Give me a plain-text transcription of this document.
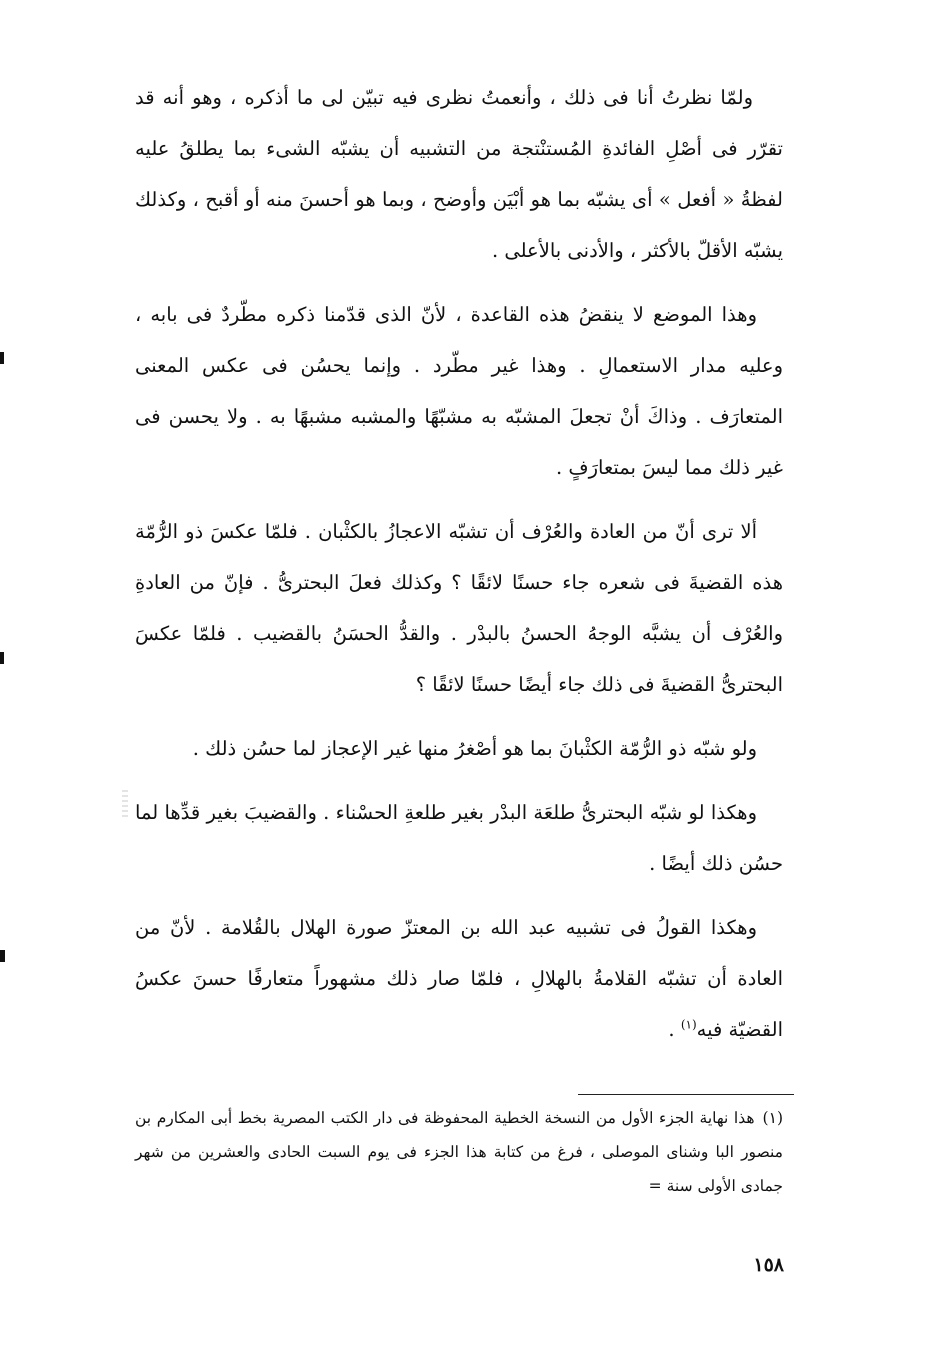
ولمّا نظرتُ أنا فى ذلك ، وأنعمتُ نظرى فيه تبيّن لى ما أذكره ، وهو أنه قد تقرّر فى أصْلِ الفائدةِ المُستنْتجة من التشبيه أن يشبّه الشىء بما يطلقُ عليه لفظةُ « أفعل » أى يشبّه بما هو أبْيَن وأوضح ، وبما هو أحسنَ منه أو أقبح ، وكذلك يشبّه الأقلّ بالأكثر ، والأدنى بالأعلى .

وهذا الموضع لا ينقضُ هذه القاعدة ، لأنّ الذى قدّمنا ذكره مطّردٌ فى بابه ، وعليه مدار الاستعمالِ . وهذا غير مطّرد . وإنما يحسُن فى عكس المعنى المتعارَف . وذاكَ أنْ تجعلَ المشبّه به مشبّهًا والمشبه مشبهًا به . ولا يحسن فى غير ذلك مما ليسَ بمتعارَفٍ .

ألا ترى أنّ من العادة والعُرْف أن تشبّه الاعجازُ بالكثْبان . فلمّا عكسَ ذو الرُّمّة هذه القضيةَ فى شعره جاء حسنًا لائقًا ؟ وكذلك فعلَ البحترىُّ . فإنّ من العادةِ والعُرْف أن يشبَّه الوجهُ الحسنُ بالبدْر . والقدُّ الحسَنُ بالقضيب . فلمّا عكسَ البحترىُّ القضيةَ فى ذلك جاء أيضًا حسنًا لائقًا ؟

ولو شبّه ذو الرُّمّة الكثْبانَ بما هو أصْغرُ منها غير الإعجاز لما حسُن ذلك .

وهكذا لو شبّه البحترىُّ طلعَة البدْر بغير طلعةِ الحسْناء . والقضيبَ بغير قدِّها لما حسُن ذلك أيضًا .

وهكذا القولُ فى تشبيه عبد الله بن المعتزّ صورة الهلال بالقُلامة . لأنّ من العادة أن تشبّه القلامةُ بالهلالِ ، فلمّا صار ذلك مشهوراً متعارفًا حسنَ عكسُ القضيّة فيه$^{(١)}$ .

(١)هذا نهاية الجزء الأول من النسخة الخطية المحفوظة فى دار الكتب المصرية بخط أبى المكارم بن منصور البا وشناى الموصلى ، فرغ من كتابة هذا الجزء فى يوم السبت الحادى والعشرين من شهر جمادى الأولى سنة =

١٥٨
